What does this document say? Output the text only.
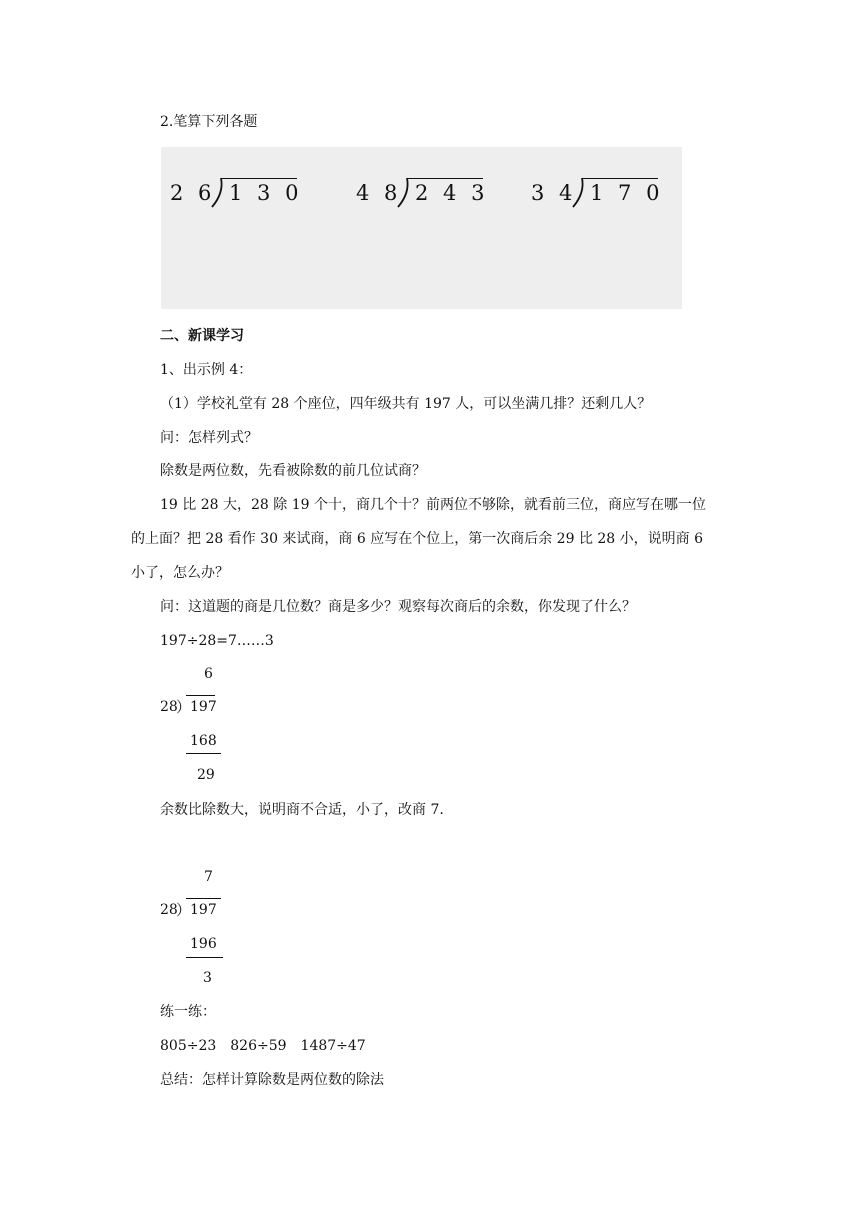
2.笔算下列各题
2 6 1 3 0	4 8 2 4 3 3 4 1 7 0
二、新课学习
1、出示例 4：
（1）学校礼堂有 28 个座位，四年级共有 197 人，可以坐满几排？还剩几人？
问：怎样列式？
除数是两位数，先看被除数的前几位试商？
19 比 28 大，28 除 19 个十，商几个十？前两位不够除，就看前三位，商应写在哪一位
的上面？把 28 看作 30 来试商，商 6 应写在个位上，第一次商后余 29 比 28 小，说明商 6
小了，怎么办？
问：这道题的商是几位数？商是多少？观察每次商后的余数，你发现了什么？
197÷28=7……3
6
28
）
197
168
29
余数比除数大，说明商不合适，小了，改商 7.
7
28
）
197
196
3
练一练：
805÷23　826÷59　1487÷47
总结：怎样计算除数是两位数的除法
